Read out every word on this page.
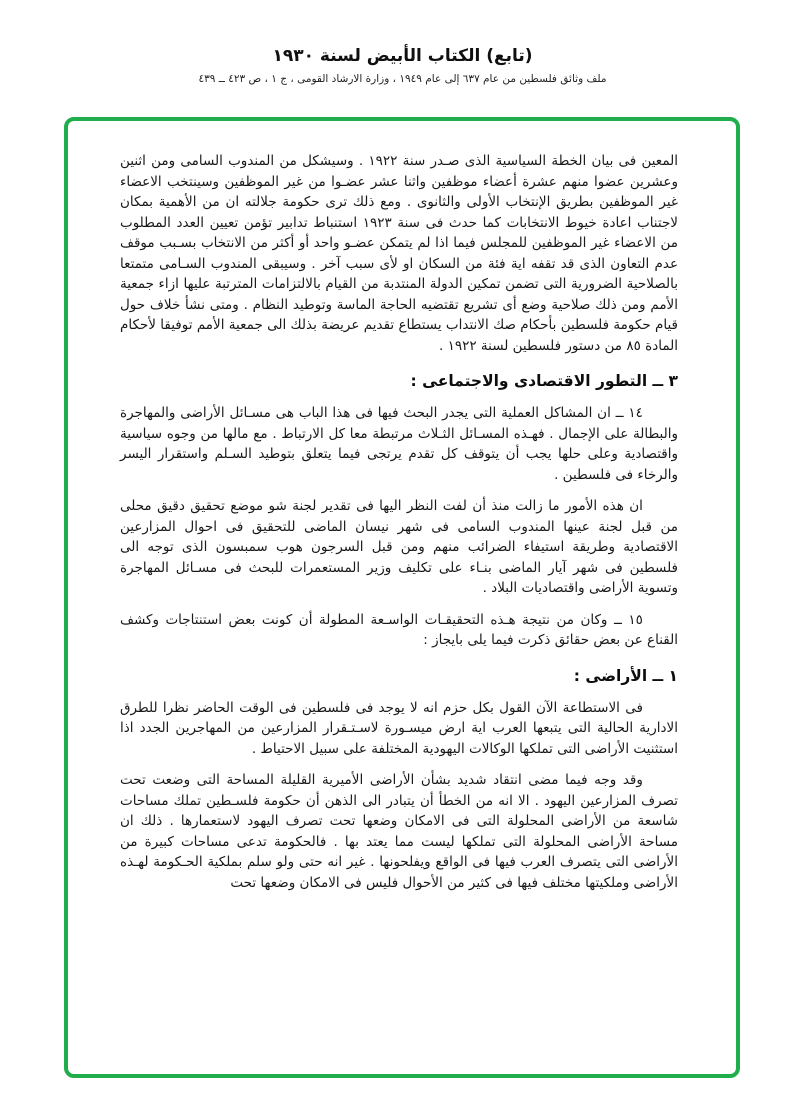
(تابع) الكتاب الأبيض لسنة ١٩٣٠
ملف وثائق فلسطين من عام ٦٣٧ إلى عام ١٩٤٩ ، وزارة الارشاد القومى ، ج ١ ، ص ٤٢٣ ــ ٤٣٩

المعين فى بيان الخطة السياسية الذى صـدر سنة ١٩٢٢ . وسيشكل من المندوب السامى ومن اثنين وعشرين عضوا منهم عشرة أعضاء موظفين واثنا عشر عضـوا من غير الموظفين وسينتخب الاعضاء غير الموظفين بطريق الإنتخاب الأولى والثانوى . ومع ذلك ترى حكومة جلالته ان من الأهمية بمكان لاجتناب اعادة خيوط الانتخابات كما حدث فى سنة ١٩٢٣ استنباط تدابير تؤمن تعيين العدد المطلوب من الاعضاء غير الموظفين للمجلس فيما اذا لم يتمكن عضـو واحد أو أكثر من الانتخاب بسـبب موقف عدم التعاون الذى قد تقفه اية فئة من السكان او لأى سبب آخر . وسيبقى المندوب السـامى متمتعا بالصلاحية الضرورية التى تضمن تمكين الدولة المنتدبة من القيام بالالتزامات المترتبة عليها ازاء جمعية الأمم ومن ذلك صلاحية وضع أى تشريع تقتضيه الحاجة الماسة وتوطيد النظام . ومتى نشأ خلاف حول قيام حكومة فلسطين بأحكام صك الانتداب يستطاع تقديم عريضة بذلك الى جمعية الأمم توفيقا لأحكام المادة ٨٥ من دستور فلسطين لسنة ١٩٢٢ .

٣ ــ التطور الاقتصادى والاجتماعى :

١٤ ــ ان المشاكل العملية التى يجدر البحث فيها فى هذا الباب هى مسـائل الأراضى والمهاجرة والبطالة على الإجمال . فهـذه المسـائل الثـلاث مرتبطة معا كل الارتباط . مع مالها من وجوه سياسية واقتصادية وعلى حلها يجب أن يتوقف كل تقدم يرتجى فيما يتعلق بتوطيد السـلم واستقرار اليسر والرخاء فى فلسطين .

ان هذه الأمور ما زالت منذ أن لفت النظر اليها فى تقدير لجنة شو موضع تحقيق دقيق محلى من قبل لجنة عينها المندوب السامى فى شهر نيسان الماضى للتحقيق فى احوال المزارعين الاقتصادية وطريقة استيفاء الضرائب منهم ومن قبل السرجون هوب سمبسون الذى توجه الى فلسطين فى شهر آيار الماضى بنـاء على تكليف وزير المستعمرات للبحث فى مسـائل المهاجرة وتسوية الأراضى واقتصاديات البلاد .

١٥ ــ وكان من نتيجة هـذه التحقيقـات الواسـعة المطولة أن كونت بعض استنتاجات وكشف القناع عن بعض حقائق ذكرت فيما يلى بايجاز :

١ ــ الأراضى :

فى الاستطاعة الآن القول بكل حزم انه لا يوجد فى فلسطين فى الوقت الحاضر نظرا للطرق الادارية الحالية التى يتبعها العرب اية ارض ميسـورة لاسـتـقرار المزارعين من المهاجرين الجدد اذا استثنيت الأراضى التى تملكها الوكالات اليهودية المختلفة على سبيل الاحتياط .

وقد وجه فيما مضى انتقاد شديد بشأن الأراضى الأميرية القليلة المساحة التى وضعت تحت تصرف المزارعين اليهود . الا انه من الخطأ أن يتبادر الى الذهن أن حكومة فلسـطين تملك مساحات شاسعة من الأراضى المحلولة التى فى الامكان وضعها تحت تصرف اليهود لاستعمارها . ذلك ان مساحة الأراضى المحلولة التى تملكها ليست مما يعتد بها . فالحكومة تدعى مساحات كبيرة من الأراضى التى يتصرف العرب فيها فى الواقع ويفلحونها . غير انه حتى ولو سلم بملكية الحـكومة لهـذه الأراضى وملكيتها مختلف فيها فى كثير من الأحوال فليس فى الامكان وضعها تحت
